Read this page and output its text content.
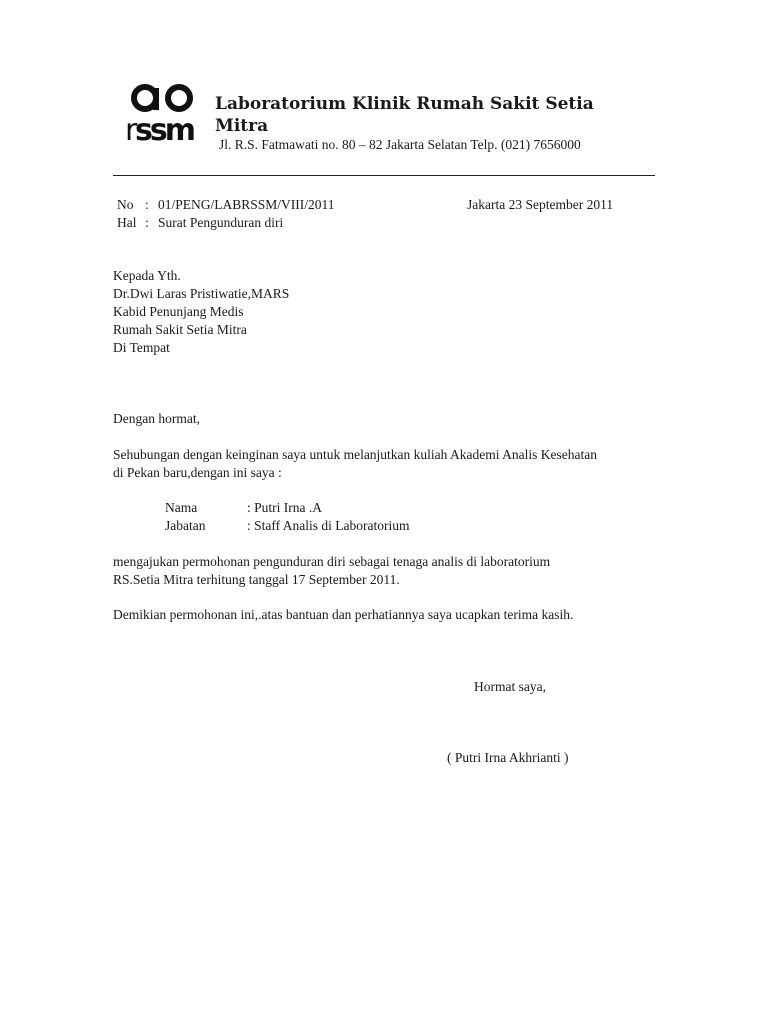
r ssm
Laboratorium Klinik Rumah Sakit Setia Mitra
Jl. R.S. Fatmawati no. 80 – 82 Jakarta Selatan Telp. (021) 7656000
No : 01/PENG/LABRSSM/VIII/2011	Jakarta 23 September 2011
Hal : Surat Pengunduran diri
Kepada Yth.
Dr.Dwi Laras Pristiwatie,MARS
Kabid Penunjang Medis
Rumah Sakit Setia Mitra
Di Tempat
Dengan hormat,
Sehubungan dengan keinginan saya untuk melanjutkan kuliah Akademi Analis Kesehatan
di Pekan baru,dengan ini saya :
Nama	: Putri Irna .A
Jabatan	: Staff Analis di Laboratorium
mengajukan permohonan pengunduran diri sebagai tenaga analis di laboratorium
RS.Setia Mitra terhitung tanggal 17 September 2011.
Demikian permohonan ini,.atas bantuan dan perhatiannya saya ucapkan terima kasih.
Hormat saya,
( Putri Irna Akhrianti )
